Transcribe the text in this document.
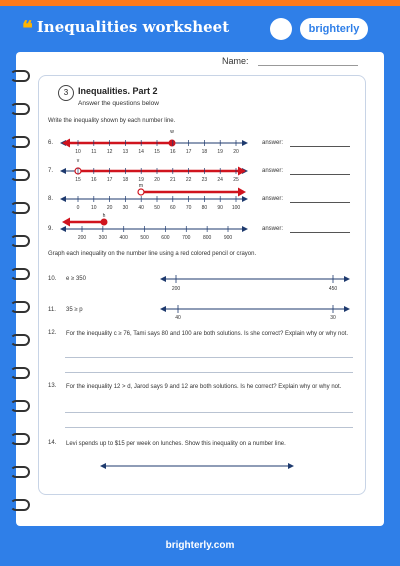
❝ Inequalities worksheet	brighterly
Name:
3	Inequalities. Part 2
Answer the questions below
Write the inequality shown by each number line.
6.
7.
8.
9.
answer:
answer:
answer:
answer:
w
v
m
h
10 11 12 13 14 15 16 17 18 19 20
15 16 17 18 19 20 21 22 23 24 25
0 10 20 30 40 50 60 70 80 90 100
200	300	400	500	600	700	800	900
200	450
40	30
Graph each inequality on the number line using a red colored pencil or crayon.
10. e ≥ 350
11. 35 ≥ p
12. For the inequality c ≥ 76, Tami says 80 and 100 are both solutions. Is she correct? Explain why or why not.
13. For the inequality 12 > d, Jarod says 9 and 12 are both solutions. Is he correct? Explain why or why not.
14. Levi spends up to $15 per week on lunches. Show this inequality on a number line.
brighterly.com
